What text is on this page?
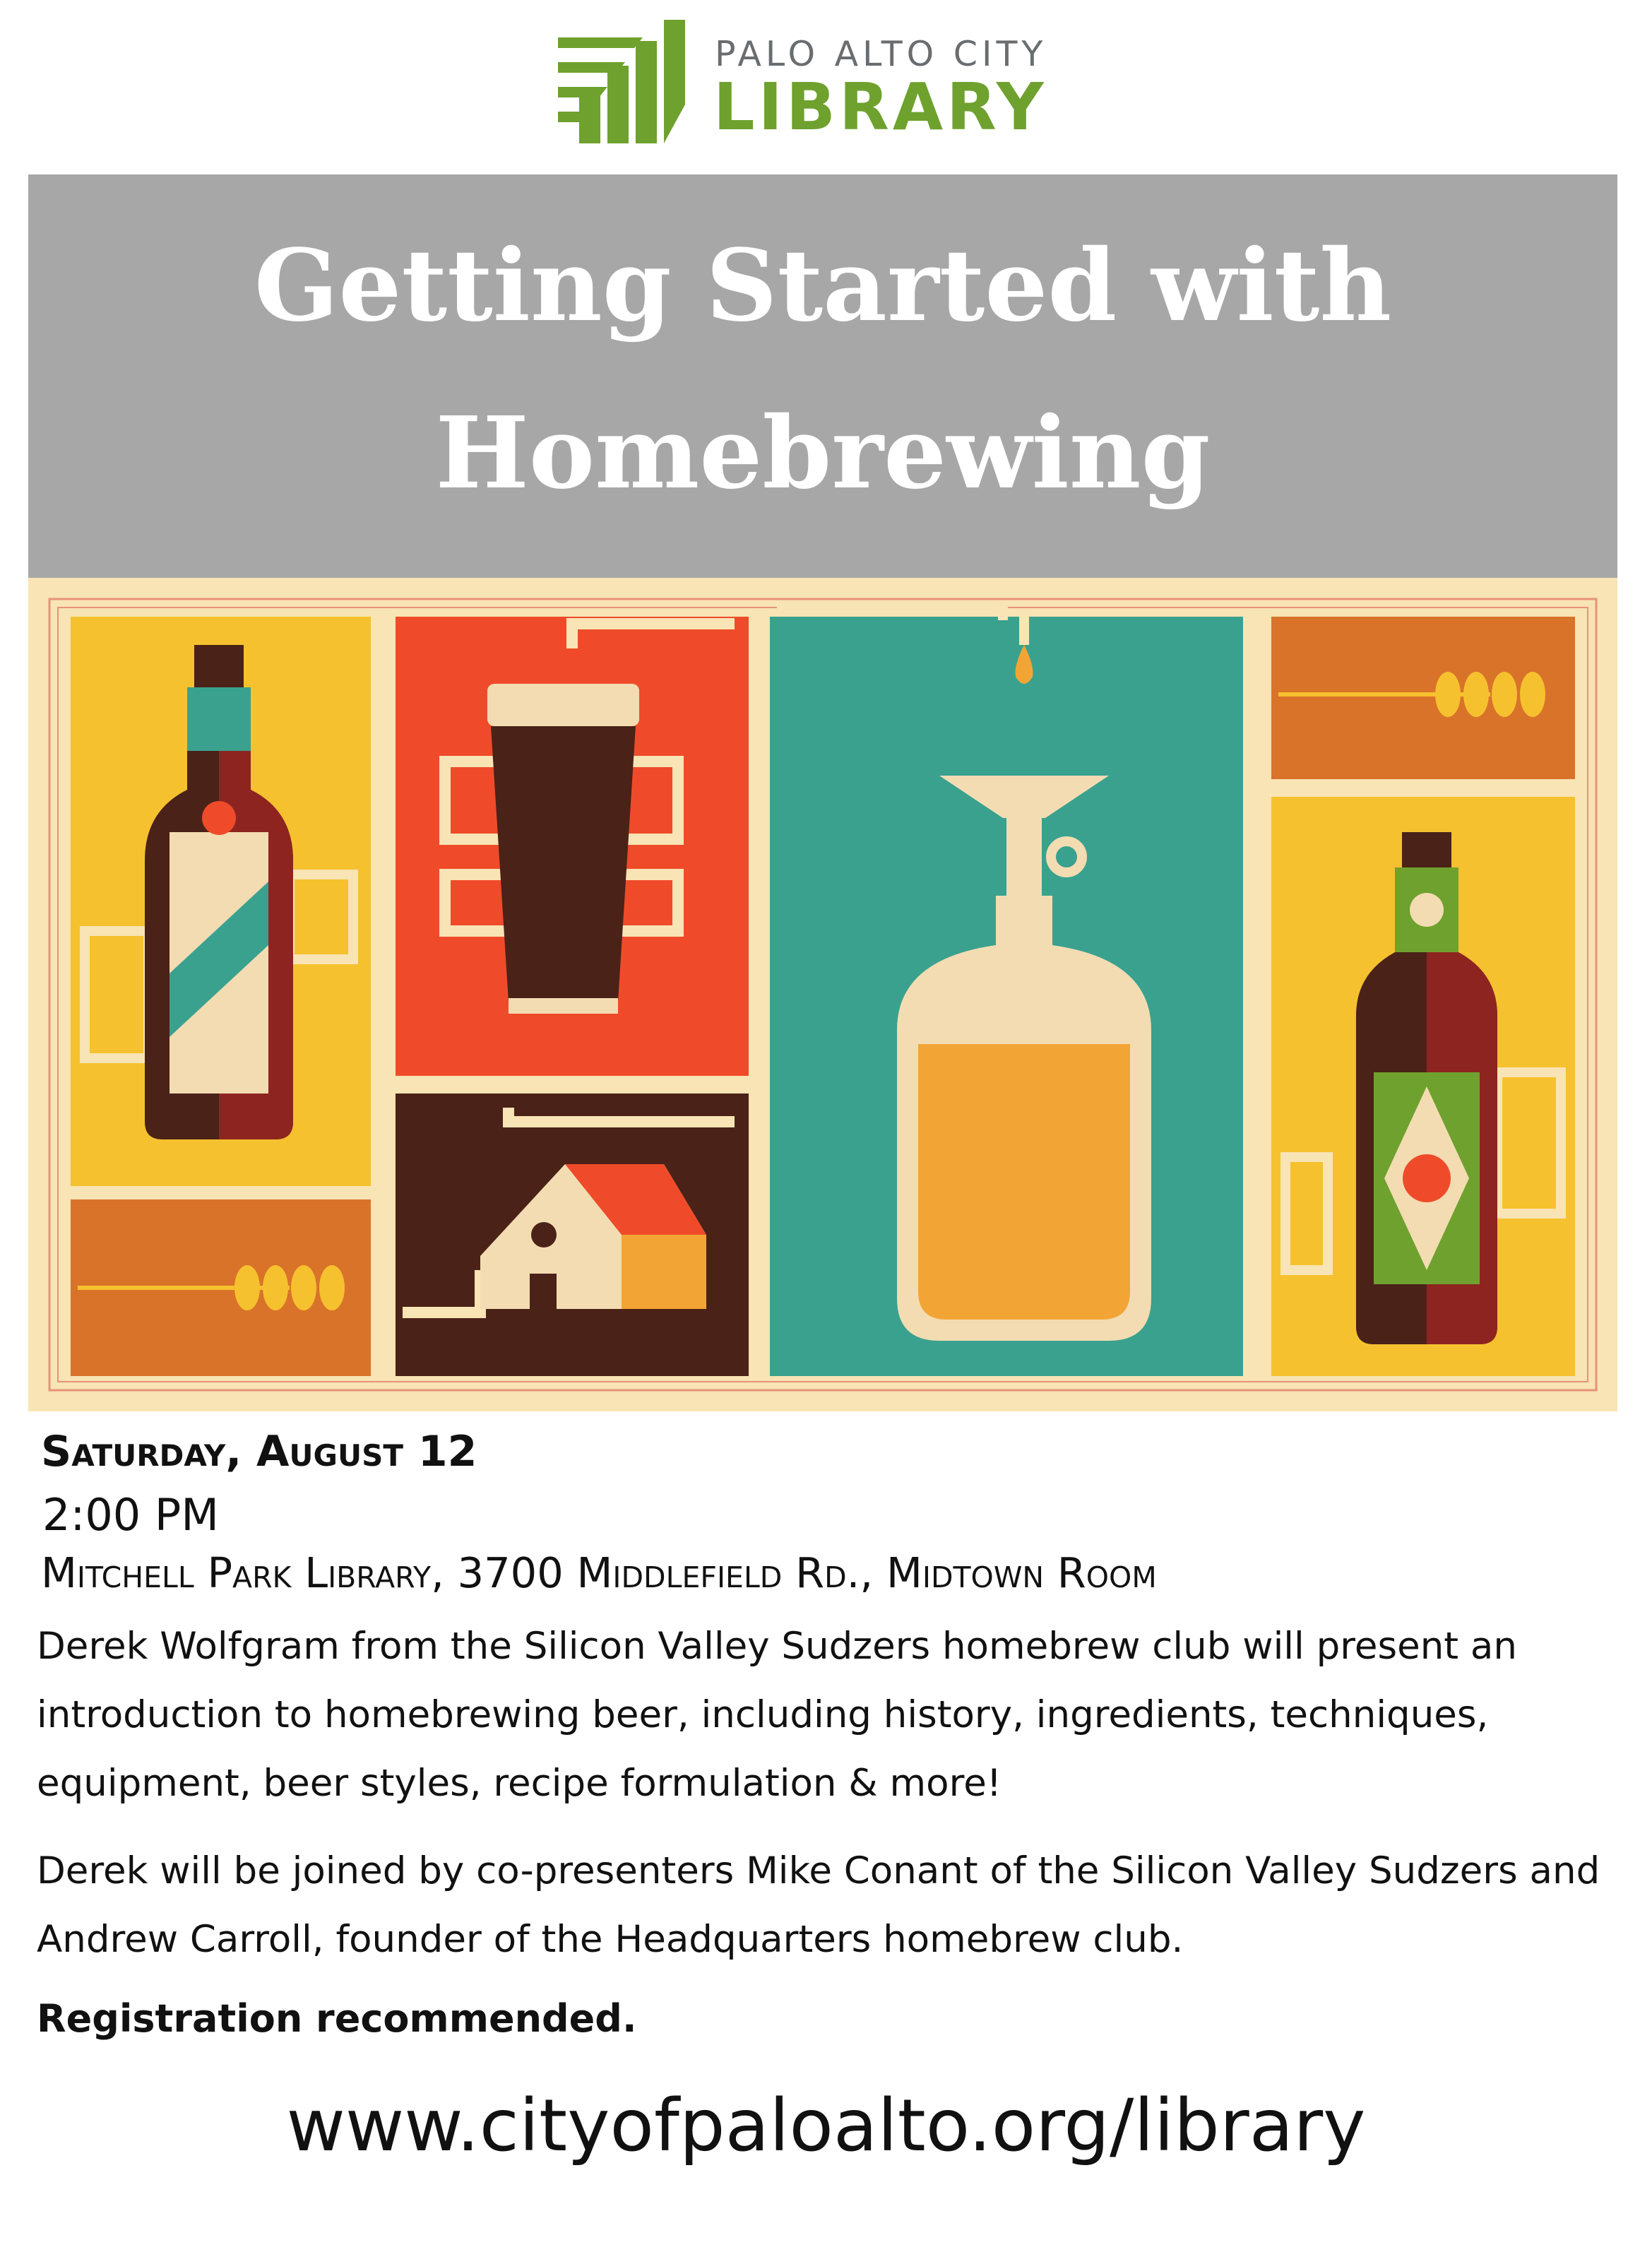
PALO ALTO CITY
LIBRARY
Getting Started with
Homebrewing
Saturday, August 12
2:00 PM
Mitchell Park Library, 3700 Middlefield Rd., Midtown Room

Derek Wolfgram from the Silicon Valley Sudzers homebrew club will present an introduction to homebrewing beer, including history, ingredients, techniques, equipment, beer styles, recipe formulation & more!

Derek will be joined by co-presenters Mike Conant of the Silicon Valley Sudzers and Andrew Carroll, founder of the Headquarters homebrew club.

Registration recommended.
www.cityofpaloalto.org/library
